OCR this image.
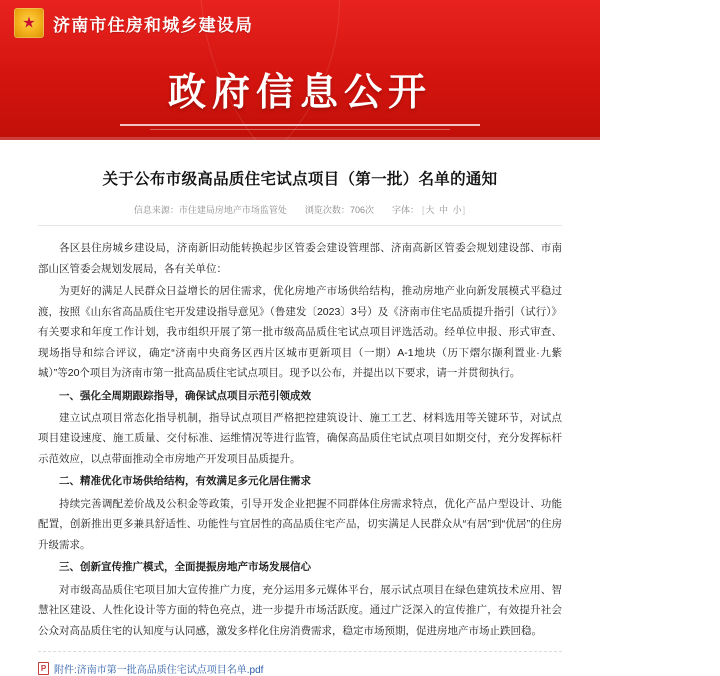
★
济南市住房和城乡建设局
政府信息公开
关于公布市级高品质住宅试点项目（第一批）名单的通知
信息来源：市住建局房地产市场监管处 浏览次数：706次 字体： [大 中 小]

各区县住房城乡建设局，济南新旧动能转换起步区管委会建设管理部、济南高新区管委会规划建设部、市南部山区管委会规划发展局，各有关单位：

为更好的满足人民群众日益增长的居住需求，优化房地产市场供给结构，推动房地产业向新发展模式平稳过渡，按照《山东省高品质住宅开发建设指导意见》（鲁建发〔2023〕3号）及《济南市住宅品质提升指引（试行）》有关要求和年度工作计划，我市组织开展了第一批市级高品质住宅试点项目评选活动。经单位申报、形式审查、现场指导和综合评议，确定“济南中央商务区西片区城市更新项目（一期）A-1地块（历下熠尔撷利置业·九紫城）”等20个项目为济南市第一批高品质住宅试点项目。现予以公布，并提出以下要求，请一并贯彻执行。

一、强化全周期跟踪指导，确保试点项目示范引领成效

建立试点项目常态化指导机制，指导试点项目严格把控建筑设计、施工工艺、材料选用等关键环节，对试点项目建设速度、施工质量、交付标准、运维情况等进行监管，确保高品质住宅试点项目如期交付，充分发挥标杆示范效应，以点带面推动全市房地产开发项目品质提升。

二、精准优化市场供给结构，有效满足多元化居住需求

持续完善调配差价战及公积金等政策，引导开发企业把握不同群体住房需求特点，优化产品户型设计、功能配置，创新推出更多兼具舒适性、功能性与宜居性的高品质住宅产品，切实满足人民群众从“有居”到“优居”的住房升级需求。

三、创新宣传推广模式，全面提振房地产市场发展信心

对市级高品质住宅项目加大宣传推广力度，充分运用多元媒体平台，展示试点项目在绿色建筑技术应用、智慧社区建设、人性化设计等方面的特色亮点，进一步提升市场活跃度。通过广泛深入的宣传推广，有效提升社会公众对高品质住宅的认知度与认同感，激发多样化住房消费需求，稳定市场预期，促进房地产市场止跌回稳。

P
附件:济南市第一批高品质住宅试点项目名单.pdf
